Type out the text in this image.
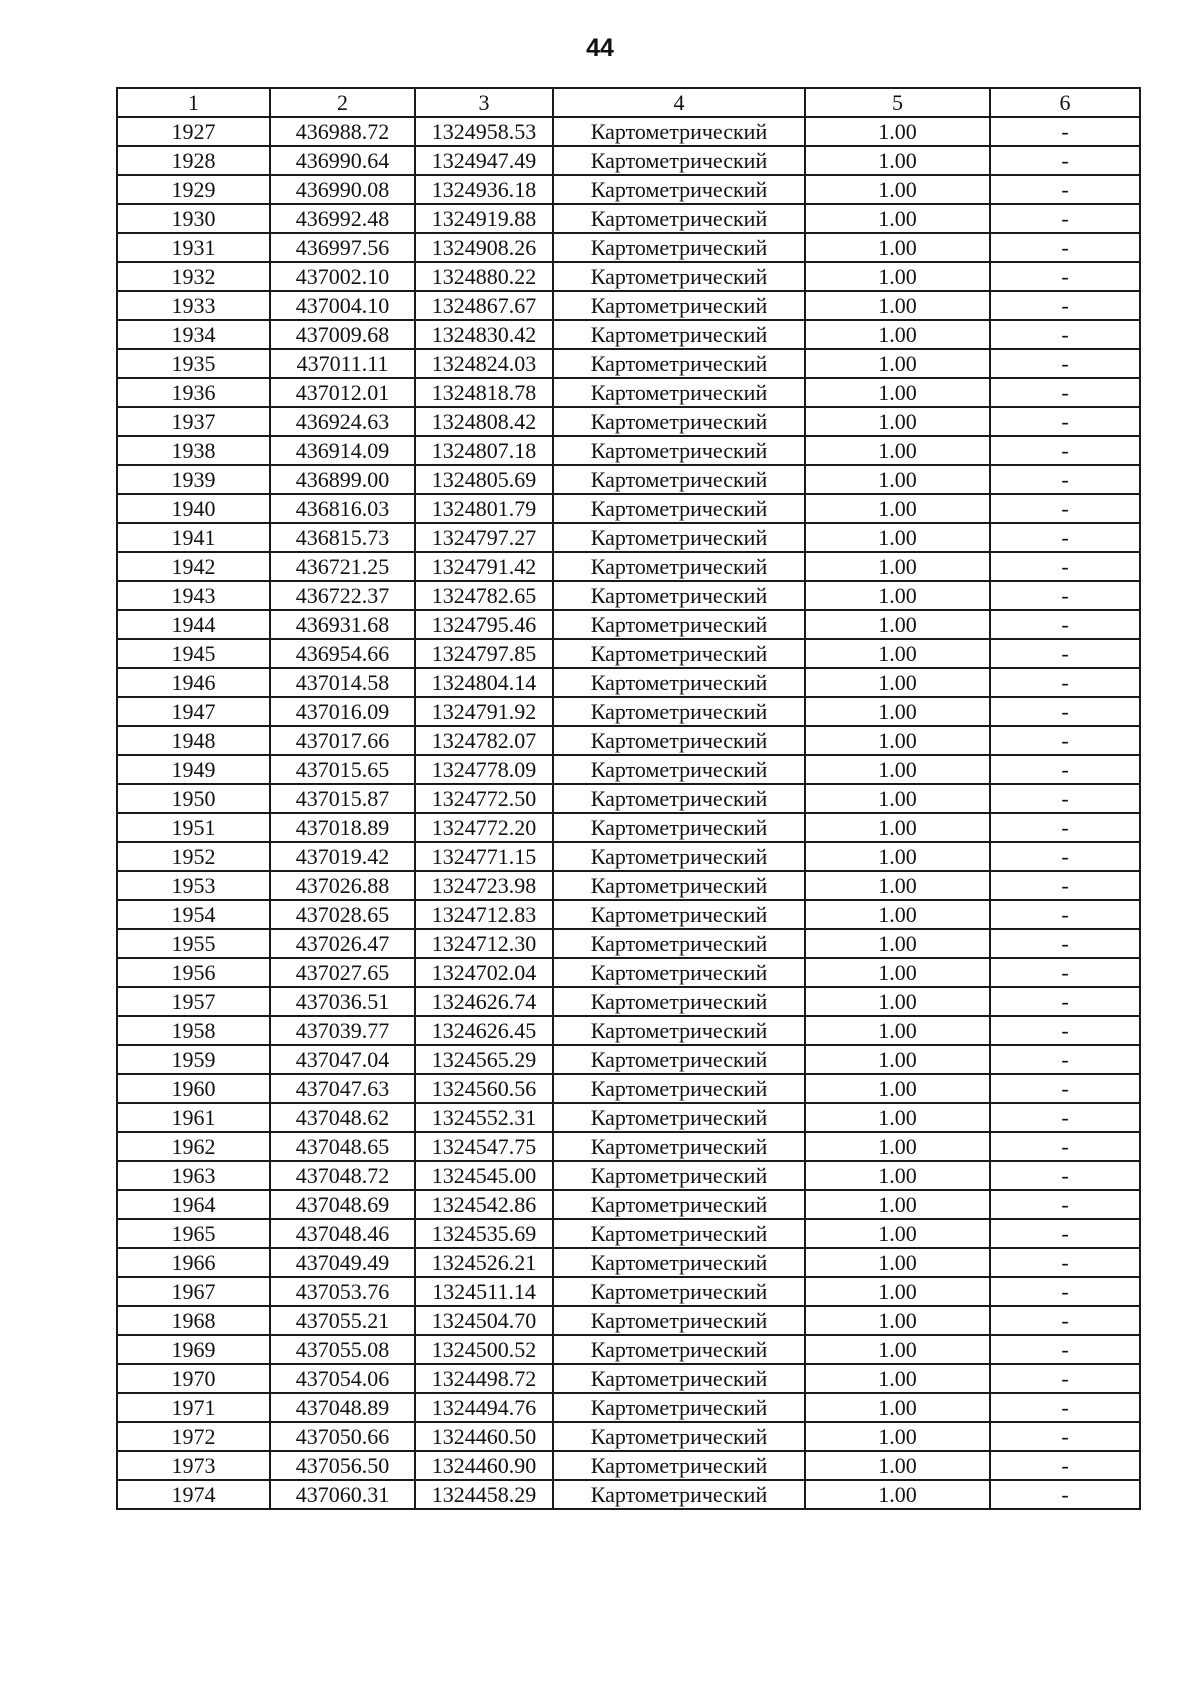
44
1	2	3	4	5	6
1927	436988.72	1324958.53	Картометрический	1.00	-
1928	436990.64	1324947.49	Картометрический	1.00	-
1929	436990.08	1324936.18	Картометрический	1.00	-
1930	436992.48	1324919.88	Картометрический	1.00	-
1931	436997.56	1324908.26	Картометрический	1.00	-
1932	437002.10	1324880.22	Картометрический	1.00	-
1933	437004.10	1324867.67	Картометрический	1.00	-
1934	437009.68	1324830.42	Картометрический	1.00	-
1935	437011.11	1324824.03	Картометрический	1.00	-
1936	437012.01	1324818.78	Картометрический	1.00	-
1937	436924.63	1324808.42	Картометрический	1.00	-
1938	436914.09	1324807.18	Картометрический	1.00	-
1939	436899.00	1324805.69	Картометрический	1.00	-
1940	436816.03	1324801.79	Картометрический	1.00	-
1941	436815.73	1324797.27	Картометрический	1.00	-
1942	436721.25	1324791.42	Картометрический	1.00	-
1943	436722.37	1324782.65	Картометрический	1.00	-
1944	436931.68	1324795.46	Картометрический	1.00	-
1945	436954.66	1324797.85	Картометрический	1.00	-
1946	437014.58	1324804.14	Картометрический	1.00	-
1947	437016.09	1324791.92	Картометрический	1.00	-
1948	437017.66	1324782.07	Картометрический	1.00	-
1949	437015.65	1324778.09	Картометрический	1.00	-
1950	437015.87	1324772.50	Картометрический	1.00	-
1951	437018.89	1324772.20	Картометрический	1.00	-
1952	437019.42	1324771.15	Картометрический	1.00	-
1953	437026.88	1324723.98	Картометрический	1.00	-
1954	437028.65	1324712.83	Картометрический	1.00	-
1955	437026.47	1324712.30	Картометрический	1.00	-
1956	437027.65	1324702.04	Картометрический	1.00	-
1957	437036.51	1324626.74	Картометрический	1.00	-
1958	437039.77	1324626.45	Картометрический	1.00	-
1959	437047.04	1324565.29	Картометрический	1.00	-
1960	437047.63	1324560.56	Картометрический	1.00	-
1961	437048.62	1324552.31	Картометрический	1.00	-
1962	437048.65	1324547.75	Картометрический	1.00	-
1963	437048.72	1324545.00	Картометрический	1.00	-
1964	437048.69	1324542.86	Картометрический	1.00	-
1965	437048.46	1324535.69	Картометрический	1.00	-
1966	437049.49	1324526.21	Картометрический	1.00	-
1967	437053.76	1324511.14	Картометрический	1.00	-
1968	437055.21	1324504.70	Картометрический	1.00	-
1969	437055.08	1324500.52	Картометрический	1.00	-
1970	437054.06	1324498.72	Картометрический	1.00	-
1971	437048.89	1324494.76	Картометрический	1.00	-
1972	437050.66	1324460.50	Картометрический	1.00	-
1973	437056.50	1324460.90	Картометрический	1.00	-
1974	437060.31	1324458.29	Картометрический	1.00	-
